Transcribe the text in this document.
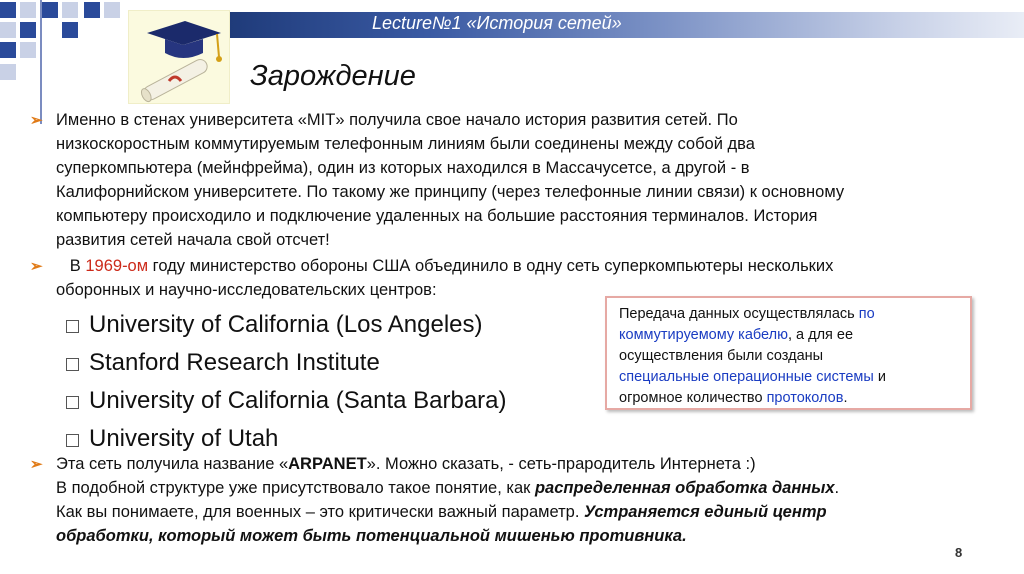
Lecture№1 «История сетей»
Зарождение
➢ Именно в стенах университета «MIT» получила свое начало история развития сетей. По
низкоскоростным коммутируемым телефонным линиям были соединены между собой два
суперкомпьютера (мейнфрейма), один из которых находился в Массачусетсе, а другой - в
Калифорнийском университете. По такому же принципу (через телефонные линии связи) к основному
компьютеру происходило и подключение удаленных на большие расстояния терминалов. История
развития сетей начала свой отсчет!
➢	В 1969-ом году министерство обороны США объединило в одну сеть суперкомпьютеры нескольких
оборонных и научно-исследовательских центров:
University of California (Los Angeles)
Stanford Research Institute
University of California (Santa Barbara)
University of Utah
Передача данных осуществлялась по
коммутируемому кабелю, а для ее
осуществления были созданы
специальные операционные системы и
огромное количество протоколов.
➢ Эта сеть получила название «ARPANET». Можно сказать, - сеть-прародитель Интернета :)
В подобной структуре уже присутствовало такое понятие, как распределенная обработка данных.
Как вы понимаете, для военных – это критически важный параметр. Устраняется единый центр
обработки, который может быть потенциальной мишенью противника.
8
